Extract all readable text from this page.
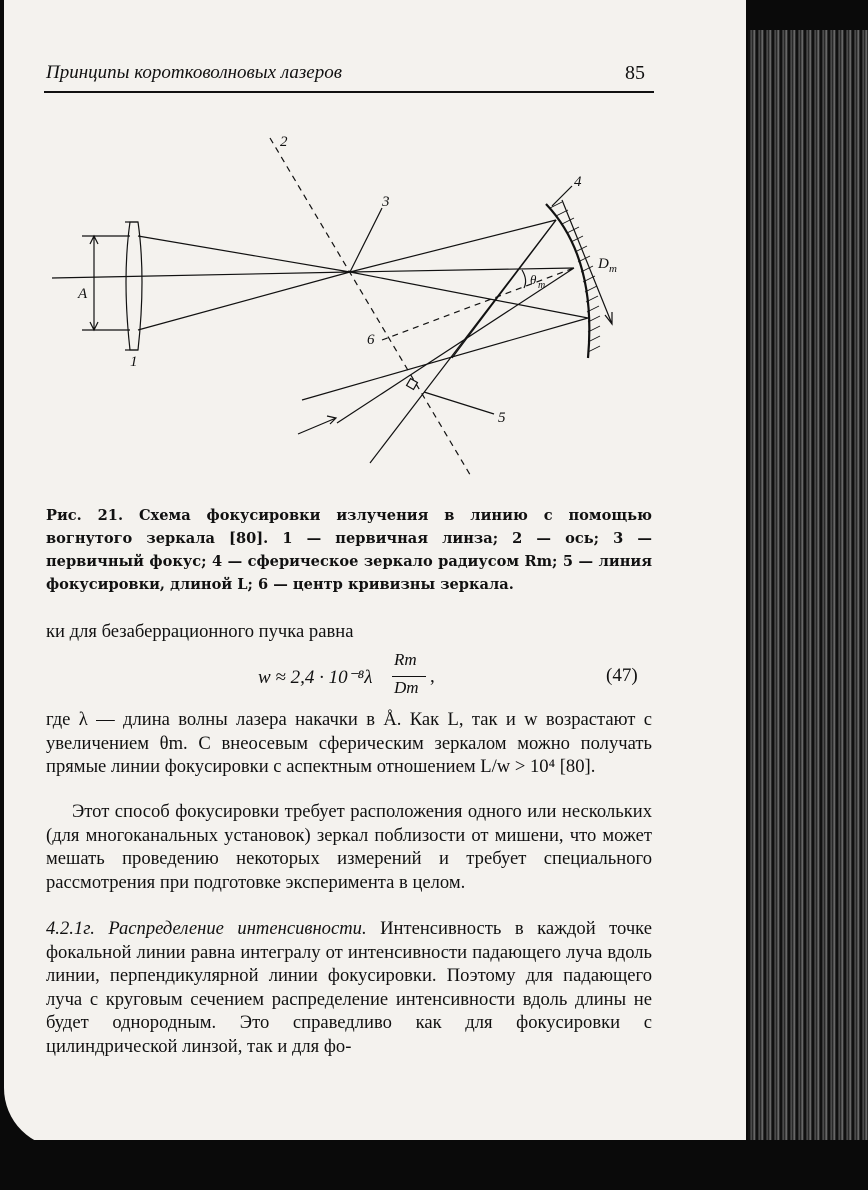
Принципы коротковолновых лазеров	85
2
3
4
5
6
1
A
D m
θ m
Рис. 21. Схема фокусировки излучения в линию с помощью вогнутого зеркала [80]. 1 — первичная линза; 2 — ось; 3 — первичный фокус; 4 — сферическое зеркало радиусом Rm; 5 — линия фокусировки, длиной L; 6 — центр кривизны зеркала.
ки для безаберрационного пучка равна
w ≈ 2,4 · 10⁻⁸λ
Rm
Dm
,	(47)
где λ — длина волны лазера накачки в Å. Как L, так и w возрастают с увеличением θm. С внеосевым сферическим зеркалом можно получать прямые линии фокусировки с аспектным отношением L/w > 10⁴ [80].
Этот способ фокусировки требует расположения одного или нескольких (для многоканальных установок) зеркал поблизости от мишени, что может мешать проведению некоторых измерений и требует специального рассмотрения при подготовке эксперимента в целом.
4.2.1г. Распределение интенсивности. Интенсивность в каждой точке фокальной линии равна интегралу от интенсивности падающего луча вдоль линии, перпендикулярной линии фокусировки. Поэтому для падающего луча с круговым сечением распределение интенсивности вдоль длины не будет однородным. Это справедливо как для фокусировки с цилиндрической линзой, так и для фо-
